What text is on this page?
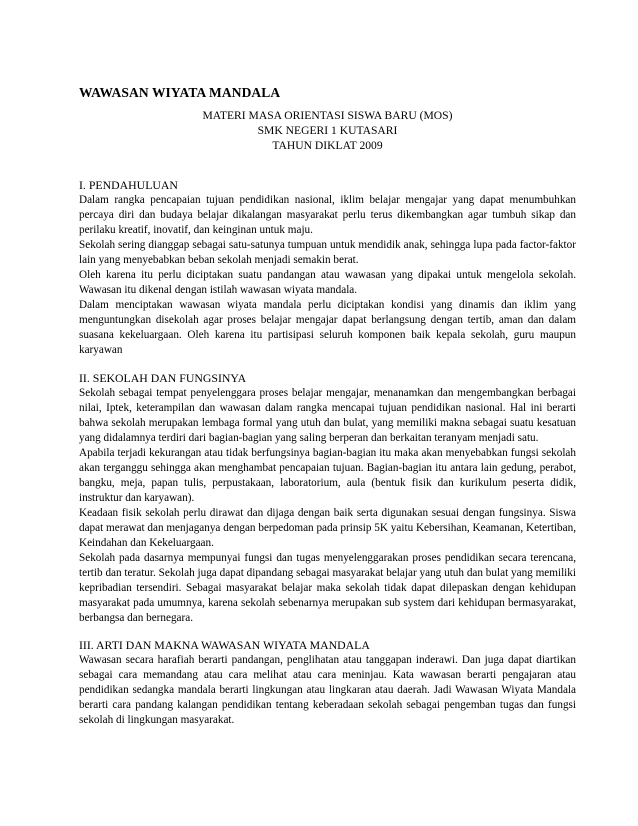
WAWASAN WIYATA MANDALA
MATERI MASA ORIENTASI SISWA BARU (MOS)
SMK NEGERI 1 KUTASARI
TAHUN DIKLAT 2009

I. PENDAHULUAN

Dalam rangka pencapaian tujuan pendidikan nasional, iklim belajar mengajar yang dapat menumbuhkan percaya diri dan budaya belajar dikalangan masyarakat perlu terus dikembangkan agar tumbuh sikap dan perilaku kreatif, inovatif, dan keinginan untuk maju.

Sekolah sering dianggap sebagai satu-satunya tumpuan untuk mendidik anak, sehingga lupa pada factor-faktor lain yang menyebabkan beban sekolah menjadi semakin berat.

Oleh karena itu perlu diciptakan suatu pandangan atau wawasan yang dipakai untuk mengelola sekolah. Wawasan itu dikenal dengan istilah wawasan wiyata mandala.

Dalam menciptakan wawasan wiyata mandala perlu diciptakan kondisi yang dinamis dan iklim yang menguntungkan disekolah agar proses belajar mengajar dapat berlangsung dengan tertib, aman dan dalam suasana kekeluargaan. Oleh karena itu partisipasi seluruh komponen baik kepala sekolah, guru maupun karyawan

II. SEKOLAH DAN FUNGSINYA

Sekolah sebagai tempat penyelenggara proses belajar mengajar, menanamkan dan mengembangkan berbagai nilai, Iptek, keterampilan dan wawasan dalam rangka mencapai tujuan pendidikan nasional. Hal ini berarti bahwa sekolah merupakan lembaga formal yang utuh dan bulat, yang memiliki makna sebagai suatu kesatuan yang didalamnya terdiri dari bagian-bagian yang saling berperan dan berkaitan teranyam menjadi satu.

Apabila terjadi kekurangan atau tidak berfungsinya bagian-bagian itu maka akan menyebabkan fungsi sekolah akan terganggu sehingga akan menghambat pencapaian tujuan. Bagian-bagian itu antara lain gedung, perabot, bangku, meja, papan tulis, perpustakaan, laboratorium, aula (bentuk fisik dan kurikulum peserta didik, instruktur dan karyawan).

Keadaan fisik sekolah perlu dirawat dan dijaga dengan baik serta digunakan sesuai dengan fungsinya. Siswa dapat merawat dan menjaganya dengan berpedoman pada prinsip 5K yaitu Kebersihan, Keamanan, Ketertiban, Keindahan dan Kekeluargaan.

Sekolah pada dasarnya mempunyai fungsi dan tugas menyelenggarakan proses pendidikan secara terencana, tertib dan teratur. Sekolah juga dapat dipandang sebagai masyarakat belajar yang utuh dan bulat yang memiliki kepribadian tersendiri. Sebagai masyarakat belajar maka sekolah tidak dapat dilepaskan dengan kehidupan masyarakat pada umumnya, karena sekolah sebenarnya merupakan sub system dari kehidupan bermasyarakat, berbangsa dan bernegara.

III. ARTI DAN MAKNA WAWASAN WIYATA MANDALA

Wawasan secara harafiah berarti pandangan, penglihatan atau tanggapan inderawi. Dan juga dapat diartikan sebagai cara memandang atau cara melihat atau cara meninjau. Kata wawasan berarti pengajaran atau pendidikan sedangka mandala berarti lingkungan atau lingkaran atau daerah. Jadi Wawasan Wiyata Mandala berarti cara pandang kalangan pendidikan tentang keberadaan sekolah sebagai pengemban tugas dan fungsi sekolah di lingkungan masyarakat.
